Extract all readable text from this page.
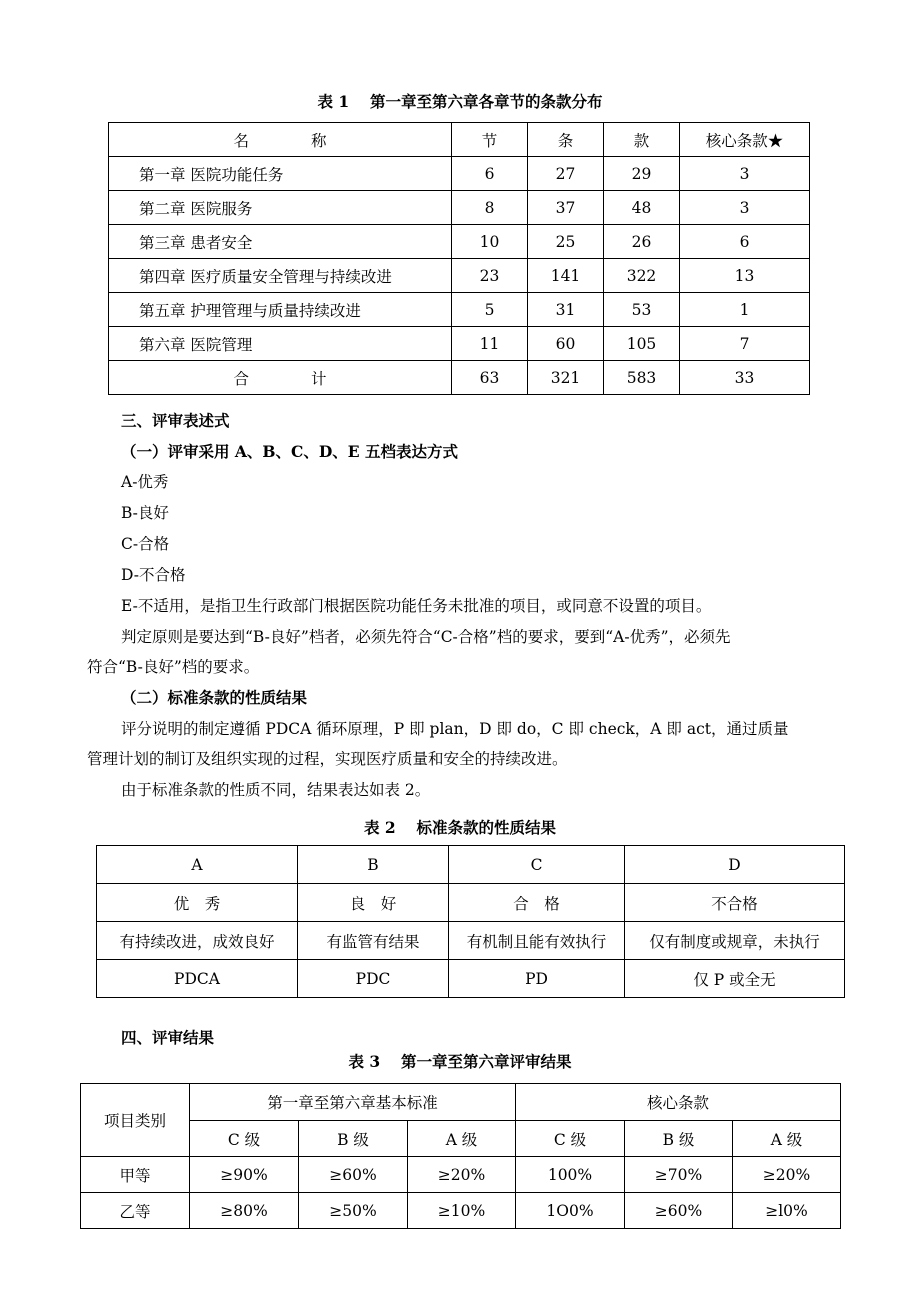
表 1　 第一章至第六章各章节的条款分布
名　　　　称	节	条	款	核心条款★
第一章 医院功能任务	6	27	29	3
第二章 医院服务	8	37	48	3
第三章 患者安全	10	25	26	6
第四章 医疗质量安全管理与持续改进	23	141	322	13
第五章 护理管理与质量持续改进	5	31	53	1
第六章 医院管理	11	60	105	7
合　　　　计	63	321	583	33
三、评审表述式
（一）评审采用 A、B、C、D、E 五档表达方式
A-优秀
B-良好
C-合格
D-不合格
E-不适用，是指卫生行政部门根据医院功能任务未批准的项目，或同意不设置的项目。
判定原则是要达到“B-良好”档者，必须先符合“C-合格”档的要求，要到“A-优秀”，必须先
符合“B-良好”档的要求。
（二）标准条款的性质结果
评分说明的制定遵循 PDCA 循环原理，P 即 plan，D 即 do，C 即 check，A 即 act，通过质量
管理计划的制订及组织实现的过程，实现医疗质量和安全的持续改进。
由于标准条款的性质不同，结果表达如表 2。
表 2　 标准条款的性质结果
A	B	C	D
优　秀	良　好	合　格	不合格
有持续改进，成效良好	有监管有结果	有机制且能有效执行	仅有制度或规章，未执行
PDCA	PDC	PD	仅 P 或全无
四、评审结果
表 3　 第一章至第六章评审结果
项目类别	第一章至第六章基本标准			核心条款		
	C 级	B 级	A 级	C 级	B 级	A 级
甲等	≥90%	≥60%	≥20%	100%	≥70%	≥20%
乙等	≥80%	≥50%	≥10%	1O0%	≥60%	≥l0%
